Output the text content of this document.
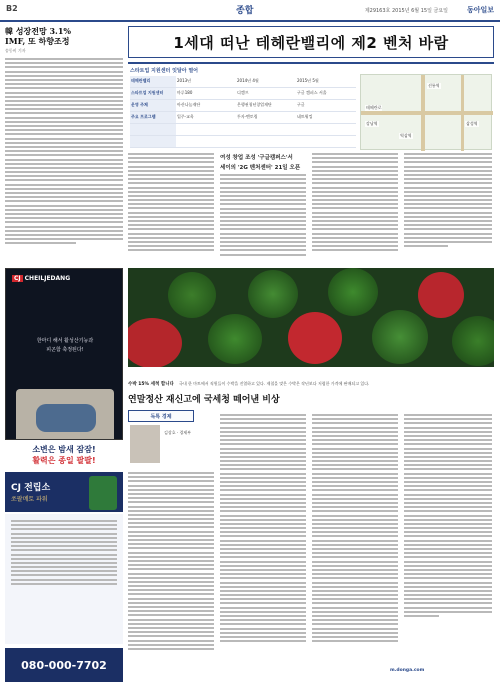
B2	종합	제29163호 2015년 6월 15일 금요일	동아일보
韓 성장전망 3.1%
IMF, 또 하향조정
송동비 기자	1세대 떠난 테헤란밸리에 제2 벤처 바람
스타트업 지원센터 잇달아 열어
테헤란밸리	2013년	2014년 4월	2015년 5월
스타트업 지원센터	마루180	디캠프	구글 캠퍼스 서울
운영 주체	아산나눔재단	은행권청년창업재단	구글
주요 프로그램	입주·교육	투자·멘토링	네트워킹
테헤란로
강남역
선릉역
역삼역
삼성역
여성 창업 조성 '구글캠퍼스'서
세이의 '2G 벤처센터' 21일 오픈
수박 15% 세척 합니다 국내 한 마트에서 직원들이 수박을 진열하고 있다. 제철을 맞은 수박은 작년보다 저렴한 가격에 판매되고 있다.
CJ CHEILJEDANG
한마디 해서 활성산기능과
피곤함 축정된다!
소변은 밤새 잠잠!
활력은 종일 팔팔!
CJ 전립소
쏘팔메토 파워
080-000-7702
연말정산 재신고에 국세청 떼어낸 비상
독특 경제
김상호 · 경제부
m.donga.com
